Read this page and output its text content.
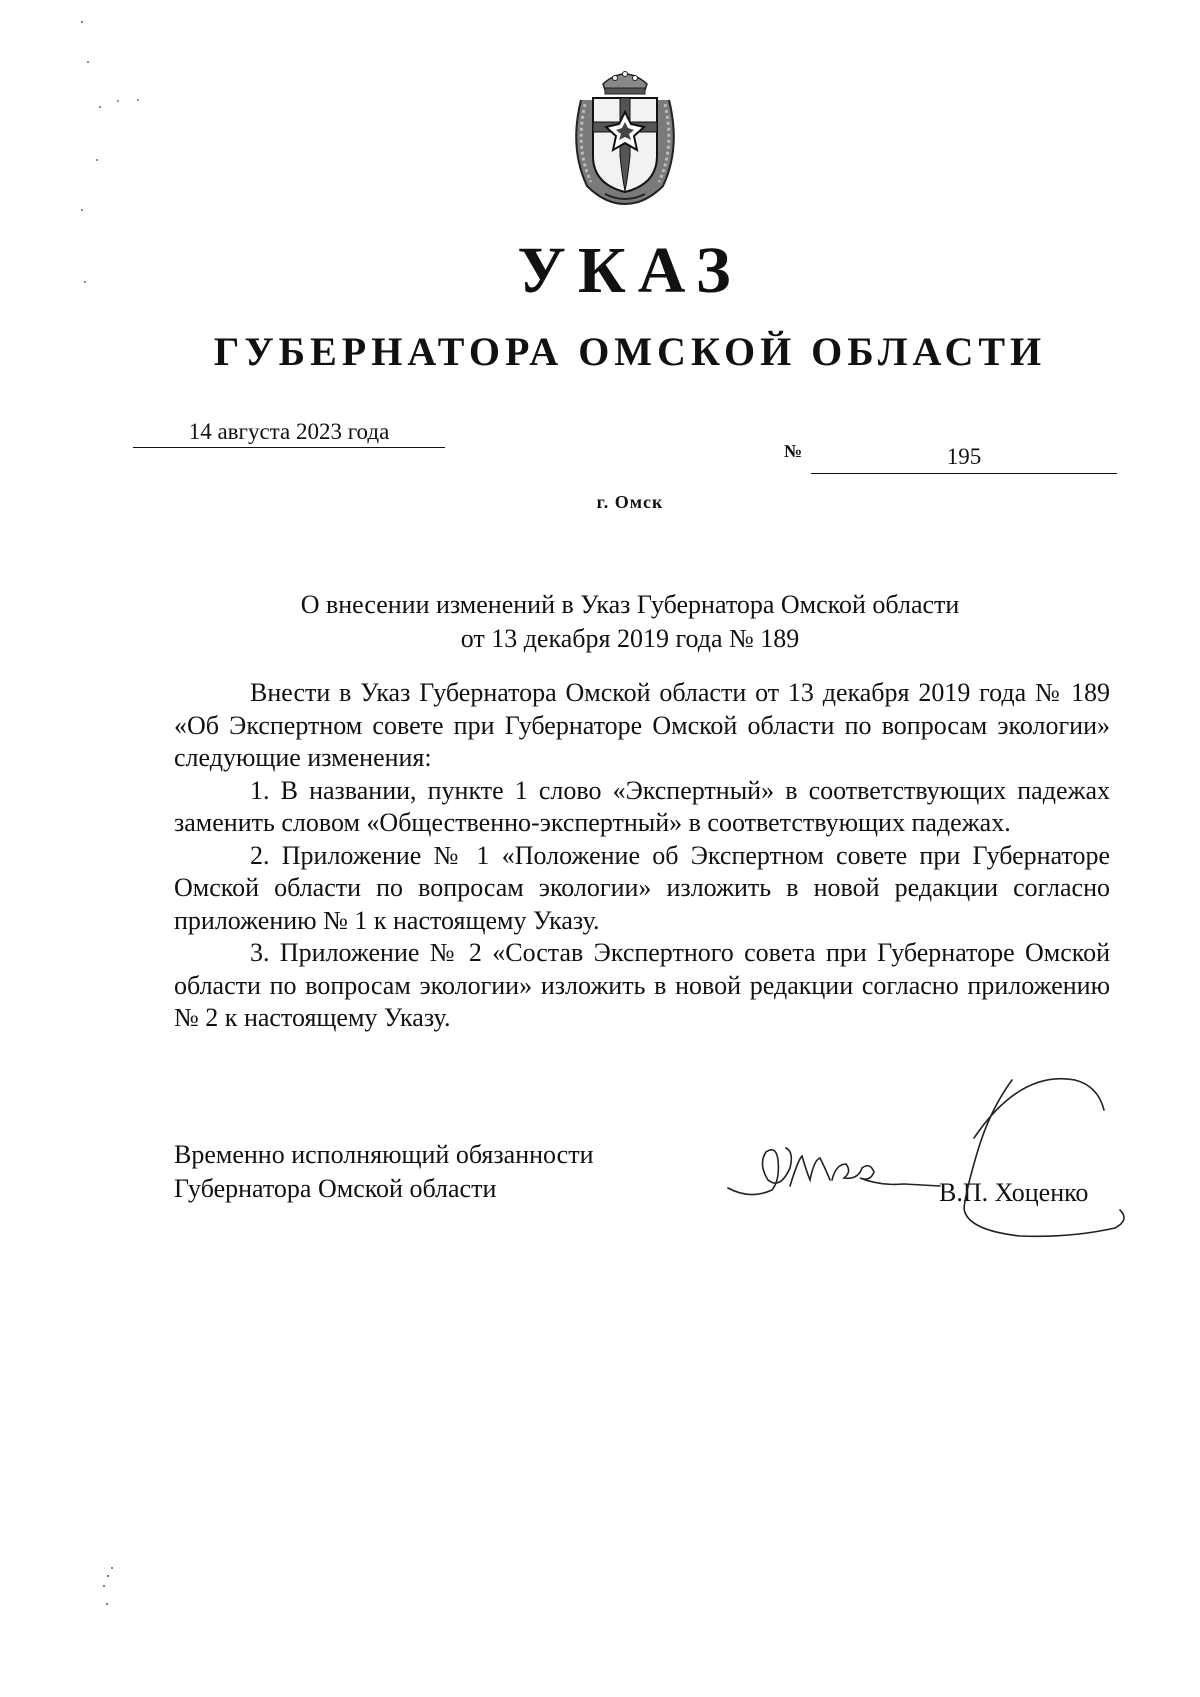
УКАЗ
ГУБЕРНАТОРА ОМСКОЙ ОБЛАСТИ
14 августа 2023 года
№	195

г. Омск

О внесении изменений в Указ Губернатора Омской области
от 13 декабря 2019 года № 189

Внести в Указ Губернатора Омской области от 13 декабря 2019 года № 189 «Об Экспертном совете при Губернаторе Омской области по вопросам экологии» следующие изменения:

1. В названии, пункте 1 слово «Экспертный» в соответствующих падежах заменить словом «Общественно-экспертный» в соответствующих падежах.

2. Приложение № 1 «Положение об Экспертном совете при Губернаторе Омской области по вопросам экологии» изложить в новой редакции согласно приложению № 1 к настоящему Указу.

3. Приложение № 2 «Состав Экспертного совета при Губернаторе Омской области по вопросам экологии» изложить в новой редакции согласно приложению № 2 к настоящему Указу.

Временно исполняющий обязанности
Губернатора Омской области	В.П. Хоценко
